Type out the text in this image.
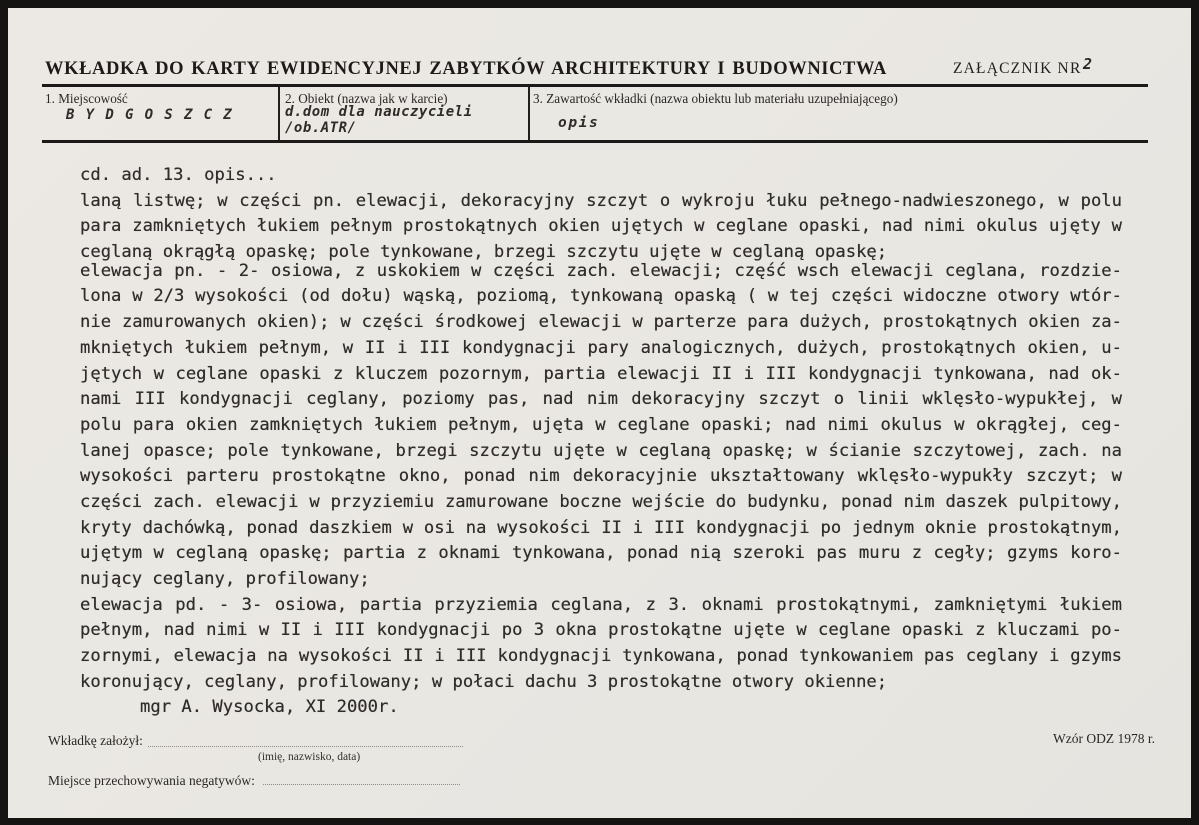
WKŁADKA DO KARTY EWIDENCYJNEJ ZABYTKÓW ARCHITEKTURY I BUDOWNICTWA	ZAŁĄCZNIK NR 2
1. Miejscowość
B Y D G O S Z C Z
2. Obiekt (nazwa jak w karcie)
d.dom dla nauczycieli
/ob.ATR/
3. Zawartość wkładki (nazwa obiektu lub materiału uzupełniającego)
opis
cd. ad. 13. opis...
laną listwę; w części pn. elewacji, dekoracyjny szczyt o wykroju łuku pełnego-nadwieszonego, w polu
para zamkniętych łukiem pełnym prostokątnych okien ujętych w ceglane opaski, nad nimi okulus ujęty w
ceglaną okrągłą opaskę; pole tynkowane, brzegi szczytu ujęte w ceglaną opaskę;
elewacja pn. - 2- osiowa, z uskokiem w części zach. elewacji; część wsch elewacji ceglana, rozdzie-
lona w 2/3 wysokości (od dołu) wąską, poziomą, tynkowaną opaską ( w tej części widoczne otwory wtór-
nie zamurowanych okien); w części środkowej elewacji w parterze para dużych, prostokątnych okien za-
mkniętych łukiem pełnym, w II i III kondygnacji pary analogicznych, dużych, prostokątnych okien, u-
jętych w ceglane opaski z kluczem pozornym, partia elewacji II i III kondygnacji tynkowana, nad ok-
nami III kondygnacji ceglany, poziomy pas, nad nim dekoracyjny szczyt o linii wklęsło-wypukłej, w
polu para okien zamkniętych łukiem pełnym, ujęta w ceglane opaski; nad nimi okulus w okrągłej, ceg-
lanej opasce; pole tynkowane, brzegi szczytu ujęte w ceglaną opaskę; w ścianie szczytowej, zach. na
wysokości parteru prostokątne okno, ponad nim dekoracyjnie ukształtowany wklęsło-wypukły szczyt; w
części zach. elewacji w przyziemiu zamurowane boczne wejście do budynku, ponad nim daszek pulpitowy,
kryty dachówką, ponad daszkiem w osi na wysokości II i III kondygnacji po jednym oknie prostokątnym,
ujętym w ceglaną opaskę; partia z oknami tynkowana, ponad nią szeroki pas muru z cegły; gzyms koro-
nujący ceglany, profilowany;
elewacja pd. - 3- osiowa, partia przyziemia ceglana, z 3. oknami prostokątnymi, zamkniętymi łukiem
pełnym, nad nimi w II i III kondygnacji po 3 okna prostokątne ujęte w ceglane opaski z kluczami po-
zornymi, elewacja na wysokości II i III kondygnacji tynkowana, ponad tynkowaniem pas ceglany i gzyms
koronujący, ceglany, profilowany; w połaci dachu 3 prostokątne otwory okienne;
mgr A. Wysocka, XI 2000r.
Wkładkę założył:
(imię, nazwisko, data)
Wzór ODZ 1978 r.
Miejsce przechowywania negatywów:
